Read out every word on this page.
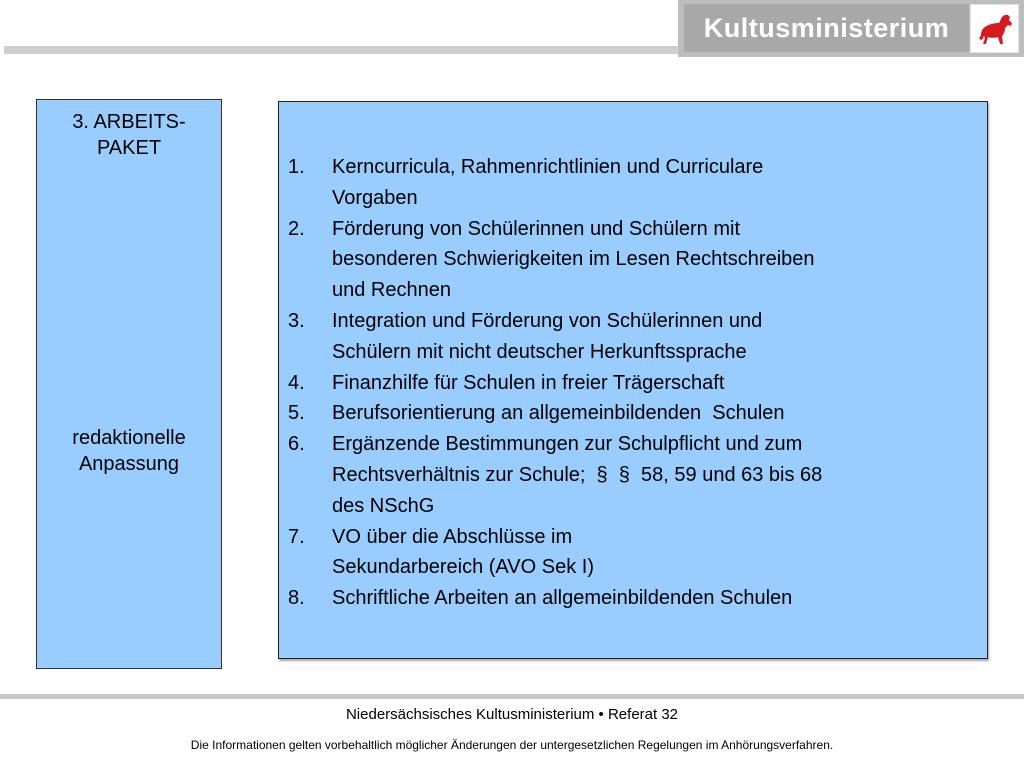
Kultusministerium
3. ARBEITS-
PAKET
redaktionelle
Anpassung
1.	Kerncurricula, Rahmenrichtlinien und Curriculare
Vorgaben
2.	Förderung von Schülerinnen und Schülern mit
besonderen Schwierigkeiten im Lesen Rechtschreiben
und Rechnen
3.	Integration und Förderung von Schülerinnen und
Schülern mit nicht deutscher Herkunftssprache
4.	Finanzhilfe für Schulen in freier Trägerschaft
5.	Berufsorientierung an allgemeinbildenden  Schulen
6.	Ergänzende Bestimmungen zur Schulpflicht und zum
Rechtsverhältnis zur Schule;  §  §  58, 59 und 63 bis 68
des NSchG
7.	VO über die Abschlüsse im
Sekundarbereich (AVO Sek I)
8.	Schriftliche Arbeiten an allgemeinbildenden Schulen
Niedersächsisches Kultusministerium • Referat 32
Die Informationen gelten vorbehaltlich möglicher Änderungen der untergesetzlichen Regelungen im Anhörungsverfahren.
